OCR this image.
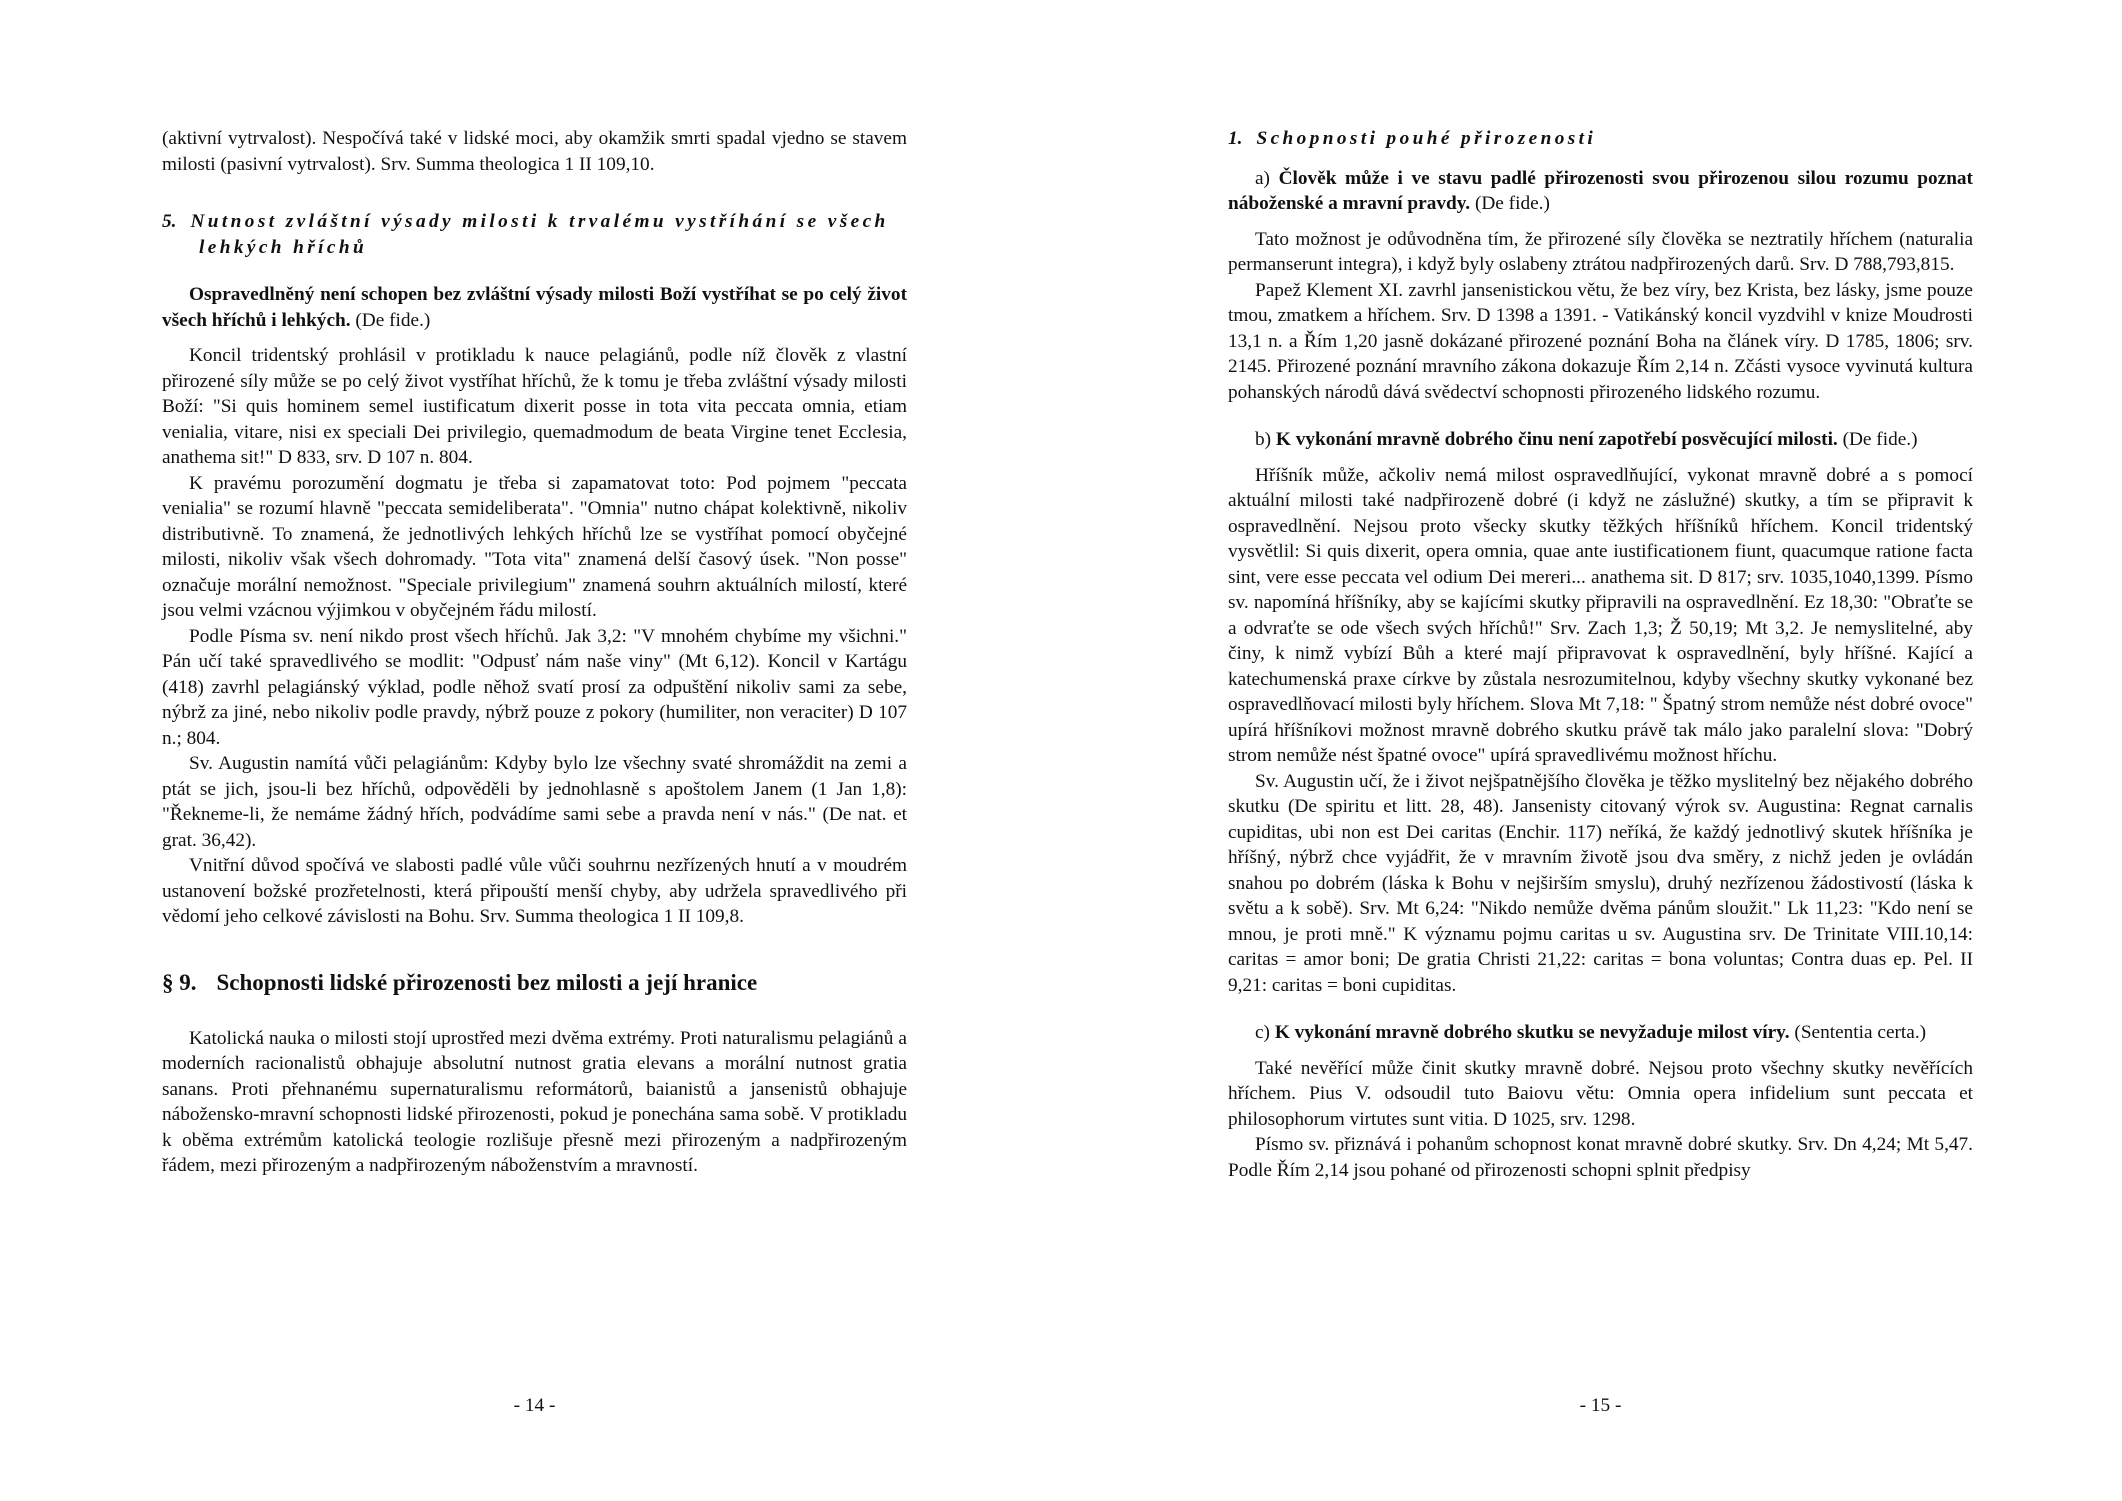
(aktivní vytrvalost). Nespočívá také v lidské moci, aby okamžik smrti spadal vjedno se stavem milosti (pasivní vytrvalost). Srv. Summa theologica 1 II 109,10.

5. Nutnost zvláštní výsady milosti k trvalému vystříhání se všech lehkých hříchů

Ospravedlněný není schopen bez zvláštní výsady milosti Boží vystříhat se po celý život všech hříchů i lehkých. (De fide.)

Koncil tridentský prohlásil v protikladu k nauce pelagiánů, podle níž člověk z vlastní přirozené síly může se po celý život vystříhat hříchů, že k tomu je třeba zvláštní výsady milosti Boží: "Si quis hominem semel iustificatum dixerit posse in tota vita peccata omnia, etiam venialia, vitare, nisi ex speciali Dei privilegio, quemadmodum de beata Virgine tenet Ecclesia, anathema sit!" D 833, srv. D 107 n. 804.

K pravému porozumění dogmatu je třeba si zapamatovat toto: Pod pojmem "peccata venialia" se rozumí hlavně "peccata semideliberata". "Omnia" nutno chápat kolektivně, nikoliv distributivně. To znamená, že jednotlivých lehkých hříchů lze se vystříhat pomocí obyčejné milosti, nikoliv však všech dohromady. "Tota vita" znamená delší časový úsek. "Non posse" označuje morální nemožnost. "Speciale privilegium" znamená souhrn aktuálních milostí, které jsou velmi vzácnou výjimkou v obyčejném řádu milostí.

Podle Písma sv. není nikdo prost všech hříchů. Jak 3,2: "V mnohém chybíme my všichni." Pán učí také spravedlivého se modlit: "Odpusť nám naše viny" (Mt 6,12). Koncil v Kartágu (418) zavrhl pelagiánský výklad, podle něhož svatí prosí za odpuštění nikoliv sami za sebe, nýbrž za jiné, nebo nikoliv podle pravdy, nýbrž pouze z pokory (humiliter, non veraciter) D 107 n.; 804.

Sv. Augustin namítá vůči pelagiánům: Kdyby bylo lze všechny svaté shromáždit na zemi a ptát se jich, jsou-li bez hříchů, odpověděli by jednohlasně s apoštolem Janem (1 Jan 1,8): "Řekneme-li, že nemáme žádný hřích, podvádíme sami sebe a pravda není v nás." (De nat. et grat. 36,42).

Vnitřní důvod spočívá ve slabosti padlé vůle vůči souhrnu nezřízených hnutí a v moudrém ustanovení božské prozřetelnosti, která připouští menší chyby, aby udržela spravedlivého při vědomí jeho celkové závislosti na Bohu. Srv. Summa theologica 1 II 109,8.

§ 9. Schopnosti lidské přirozenosti bez milosti a její hranice

Katolická nauka o milosti stojí uprostřed mezi dvěma extrémy. Proti naturalismu pelagiánů a moderních racionalistů obhajuje absolutní nutnost gratia elevans a morální nutnost gratia sanans. Proti přehnanému supernaturalismu reformátorů, baianistů a jansenistů obhajuje nábožensko-mravní schopnosti lidské přirozenosti, pokud je ponechána sama sobě. V protikladu k oběma extrémům katolická teologie rozlišuje přesně mezi přirozeným a nadpřirozeným řádem, mezi přirozeným a nadpřirozeným náboženstvím a mravností.

1. Schopnosti pouhé přirozenosti

a) Člověk může i ve stavu padlé přirozenosti svou přirozenou silou rozumu poznat náboženské a mravní pravdy. (De fide.)

Tato možnost je odůvodněna tím, že přirozené síly člověka se neztratily hříchem (naturalia permanserunt integra), i když byly oslabeny ztrátou nadpřirozených darů. Srv. D 788,793,815.

Papež Klement XI. zavrhl jansenistickou větu, že bez víry, bez Krista, bez lásky, jsme pouze tmou, zmatkem a hříchem. Srv. D 1398 a 1391. - Vatikánský koncil vyzdvihl v knize Moudrosti 13,1 n. a Řím 1,20 jasně dokázané přirozené poznání Boha na článek víry. D 1785, 1806; srv. 2145. Přirozené poznání mravního zákona dokazuje Řím 2,14 n. Zčásti vysoce vyvinutá kultura pohanských národů dává svědectví schopnosti přirozeného lidského rozumu.

b) K vykonání mravně dobrého činu není zapotřebí posvěcující milosti. (De fide.)

Hříšník může, ačkoliv nemá milost ospravedlňující, vykonat mravně dobré a s pomocí aktuální milosti také nadpřirozeně dobré (i když ne záslužné) skutky, a tím se připravit k ospravedlnění. Nejsou proto všecky skutky těžkých hříšníků hříchem. Koncil tridentský vysvětlil: Si quis dixerit, opera omnia, quae ante iustificationem fiunt, quacumque ratione facta sint, vere esse peccata vel odium Dei mereri... anathema sit. D 817; srv. 1035,1040,1399. Písmo sv. napomíná hříšníky, aby se kajícími skutky připravili na ospravedlnění. Ez 18,30: "Obraťte se a odvraťte se ode všech svých hříchů!" Srv. Zach 1,3; Ž 50,19; Mt 3,2. Je nemyslitelné, aby činy, k nimž vybízí Bůh a které mají připravovat k ospravedlnění, byly hříšné. Kající a katechumenská praxe církve by zůstala nesrozumitelnou, kdyby všechny skutky vykonané bez ospravedlňovací milosti byly hříchem. Slova Mt 7,18: " Špatný strom nemůže nést dobré ovoce" upírá hříšníkovi možnost mravně dobrého skutku právě tak málo jako paralelní slova: "Dobrý strom nemůže nést špatné ovoce" upírá spravedlivému možnost hříchu.

Sv. Augustin učí, že i život nejšpatnějšího člověka je těžko myslitelný bez nějakého dobrého skutku (De spiritu et litt. 28, 48). Jansenisty citovaný výrok sv. Augustina: Regnat carnalis cupiditas, ubi non est Dei caritas (Enchir. 117) neříká, že každý jednotlivý skutek hříšníka je hříšný, nýbrž chce vyjádřit, že v mravním životě jsou dva směry, z nichž jeden je ovládán snahou po dobrém (láska k Bohu v nejširším smyslu), druhý nezřízenou žádostivostí (láska k světu a k sobě). Srv. Mt 6,24: "Nikdo nemůže dvěma pánům sloužit." Lk 11,23: "Kdo není se mnou, je proti mně." K významu pojmu caritas u sv. Augustina srv. De Trinitate VIII.10,14: caritas = amor boni; De gratia Christi 21,22: caritas = bona voluntas; Contra duas ep. Pel. II 9,21: caritas = boni cupiditas.

c) K vykonání mravně dobrého skutku se nevyžaduje milost víry. (Sententia certa.)

Také nevěřící může činit skutky mravně dobré. Nejsou proto všechny skutky nevěřících hříchem. Pius V. odsoudil tuto Baiovu větu: Omnia opera infidelium sunt peccata et philosophorum virtutes sunt vitia. D 1025, srv. 1298.

Písmo sv. přiznává i pohanům schopnost konat mravně dobré skutky. Srv. Dn 4,24; Mt 5,47. Podle Řím 2,14 jsou pohané od přirozenosti schopni splnit předpisy

- 14 -	- 15 -
